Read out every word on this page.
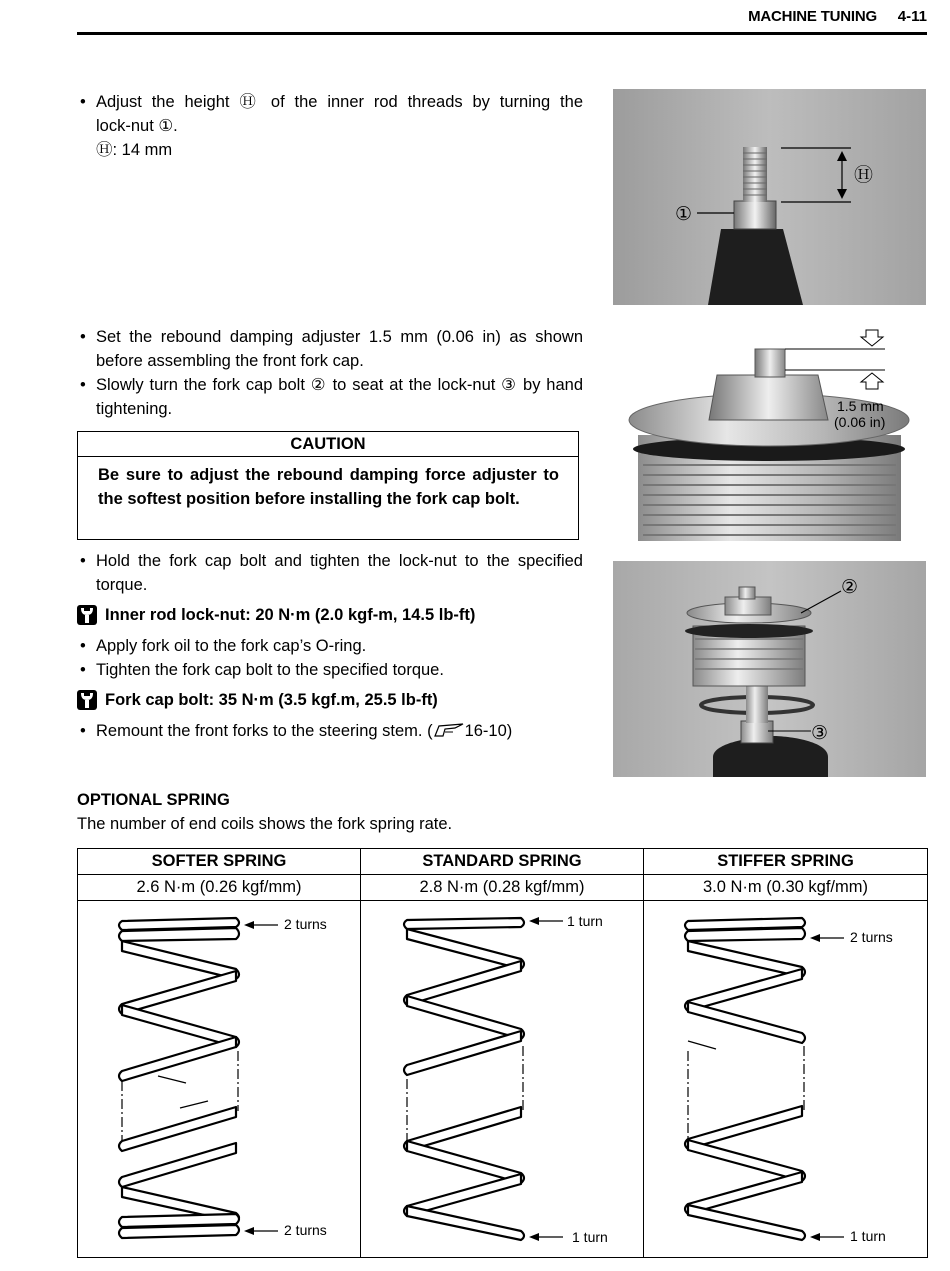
MACHINE TUNING 4-11
• Adjust the height Ⓗ of the inner rod threads by turning the
lock-nut ①.
Ⓗ: 14 mm
Ⓗ
①
• Set the rebound damping adjuster 1.5 mm (0.06 in) as shown before assembling the front fork cap.
• Slowly turn the fork cap bolt ② to seat at the lock-nut ③ by hand tightening.	1.5 mm
(0.06 in)
CAUTION
Be sure to adjust the rebound damping force adjuster to the softest position before installing the fork cap bolt.
• Hold the fork cap bolt and tighten the lock-nut to the specified torque.
Inner rod lock-nut: 20 N·m (2.0 kgf-m, 14.5 lb-ft)
• Apply fork oil to the fork cap’s O-ring.
• Tighten the fork cap bolt to the specified torque.
Fork cap bolt: 35 N·m (3.5 kgf.m, 25.5 lb-ft)
• Remount the front forks to the steering stem. ( 16-10)
②
③
OPTIONAL SPRING
The number of end coils shows the fork spring rate.
SOFTER SPRING
2.6 N·m (0.26 kgf/mm)
2 turns
2 turns
STANDARD SPRING
2.8 N·m (0.28 kgf/mm)
1 turn
1 turn
STIFFER SPRING
3.0 N·m (0.30 kgf/mm)
2 turns
1 turn
